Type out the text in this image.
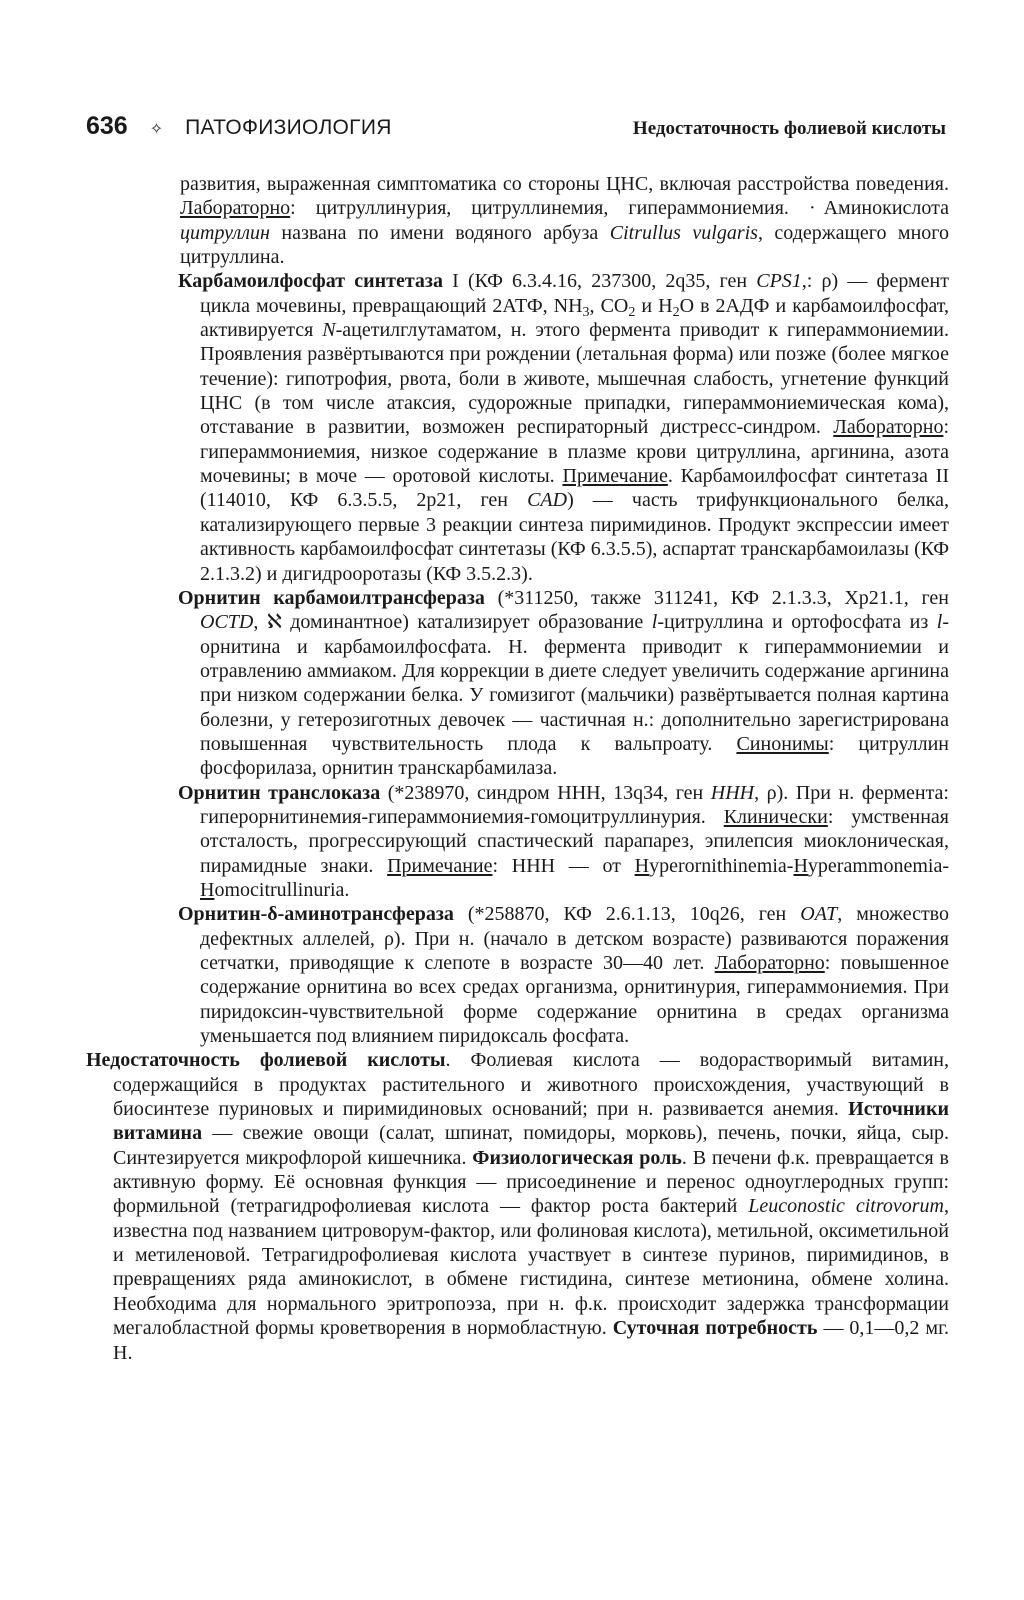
636 ✧ ПАТОФИЗИОЛОГИЯ	Недостаточность фолиевой кислоты

развития, выраженная симптоматика со стороны ЦНС, включая расстройства поведения. Лабораторно: цитруллинурия, цитруллинемия, гипераммониемия. · Аминокислота цитруллин названа по имени водяного арбуза Citrullus vulgaris, содержащего много цитруллина.

Карбамоилфосфат синтетаза I (КФ 6.3.4.16, 237300, 2q35, ген CPS1,: ρ) — фермент цикла мочевины, превращающий 2АТФ, $NH_3$, $CO_2$ и $H_2O$ в 2АДФ и карбамоилфосфат, активируется N-ацетилглутаматом, н. этого фермента приводит к гипераммониемии. Проявления развёртываются при рождении (летальная форма) или позже (более мягкое течение): гипотрофия, рвота, боли в животе, мышечная слабость, угнетение функций ЦНС (в том числе атаксия, судорожные припадки, гипераммониемическая кома), отставание в развитии, возможен респираторный дистресс-синдром. Лабораторно: гипераммониемия, низкое содержание в плазме крови цитруллина, аргинина, азота мочевины; в моче — оротовой кислоты. Примечание. Карбамоилфосфат синтетаза II (114010, КФ 6.3.5.5, 2p21, ген CAD) — часть трифункционального белка, катализирующего первые 3 реакции синтеза пиримидинов. Продукт экспрессии имеет активность карбамоилфосфат синтетазы (КФ 6.3.5.5), аспартат транскарбамоилазы (КФ 2.1.3.2) и дигидрооротазы (КФ 3.5.2.3).

Орнитин карбамоилтрансфераза (*311250, также 311241, КФ 2.1.3.3, Xp21.1, ген OCTD, ℵ доминантное) катализирует образование l-цитруллина и ортофосфата из l-орнитина и карбамоилфосфата. Н. фермента приводит к гипераммониемии и отравлению аммиаком. Для коррекции в диете следует увеличить содержание аргинина при низком содержании белка. У гомизигот (мальчики) развёртывается полная картина болезни, у гетерозиготных девочек — частичная н.: дополнительно зарегистрирована повышенная чувствительность плода к вальпроату. Синонимы: цитруллин фосфорилаза, орнитин транскарбамилаза.

Орнитин транслоказа (*238970, синдром ННН, 13q34, ген HHH, ρ). При н. фермента: гиперорнитинемия-гипераммониемия-гомоцитруллинурия. Клинически: умственная отсталость, прогрессирующий спастический парапарез, эпилепсия миоклоническая, пирамидные знаки. Примечание: ННН — от Hyperornithinemia-Hyperammonemia-Homocitrullinuria.

Орнитин-δ-аминотрансфераза (*258870, КФ 2.6.1.13, 10q26, ген OAT, множество дефектных аллелей, ρ). При н. (начало в детском возрасте) развиваются поражения сетчатки, приводящие к слепоте в возрасте 30—40 лет. Лабораторно: повышенное содержание орнитина во всех средах организма, орнитинурия, гипераммониемия. При пиридоксин-чувствительной форме содержание орнитина в средах организма уменьшается под влиянием пиридоксаль фосфата.

Недостаточность фолиевой кислоты. Фолиевая кислота — водорастворимый витамин, содержащийся в продуктах растительного и животного происхождения, участвующий в биосинтезе пуриновых и пиримидиновых оснований; при н. развивается анемия. Источники витамина — свежие овощи (салат, шпинат, помидоры, морковь), печень, почки, яйца, сыр. Синтезируется микрофлорой кишечника. Физиологическая роль. В печени ф.к. превращается в активную форму. Её основная функция — присоединение и перенос одноуглеродных групп: формильной (тетрагидрофолиевая кислота — фактор роста бактерий Leuconostic citrovorum, известна под названием цитроворум-фактор, или фолиновая кислота), метильной, оксиметильной и метиленовой. Тетрагидрофолиевая кислота участвует в синтезе пуринов, пиримидинов, в превращениях ряда аминокислот, в обмене гистидина, синтезе метионина, обмене холина. Необходима для нормального эритропоэза, при н. ф.к. происходит задержка трансформации мегалобластной формы кроветворения в нормобластную. Суточная потребность — 0,1—0,2 мг. Н.
